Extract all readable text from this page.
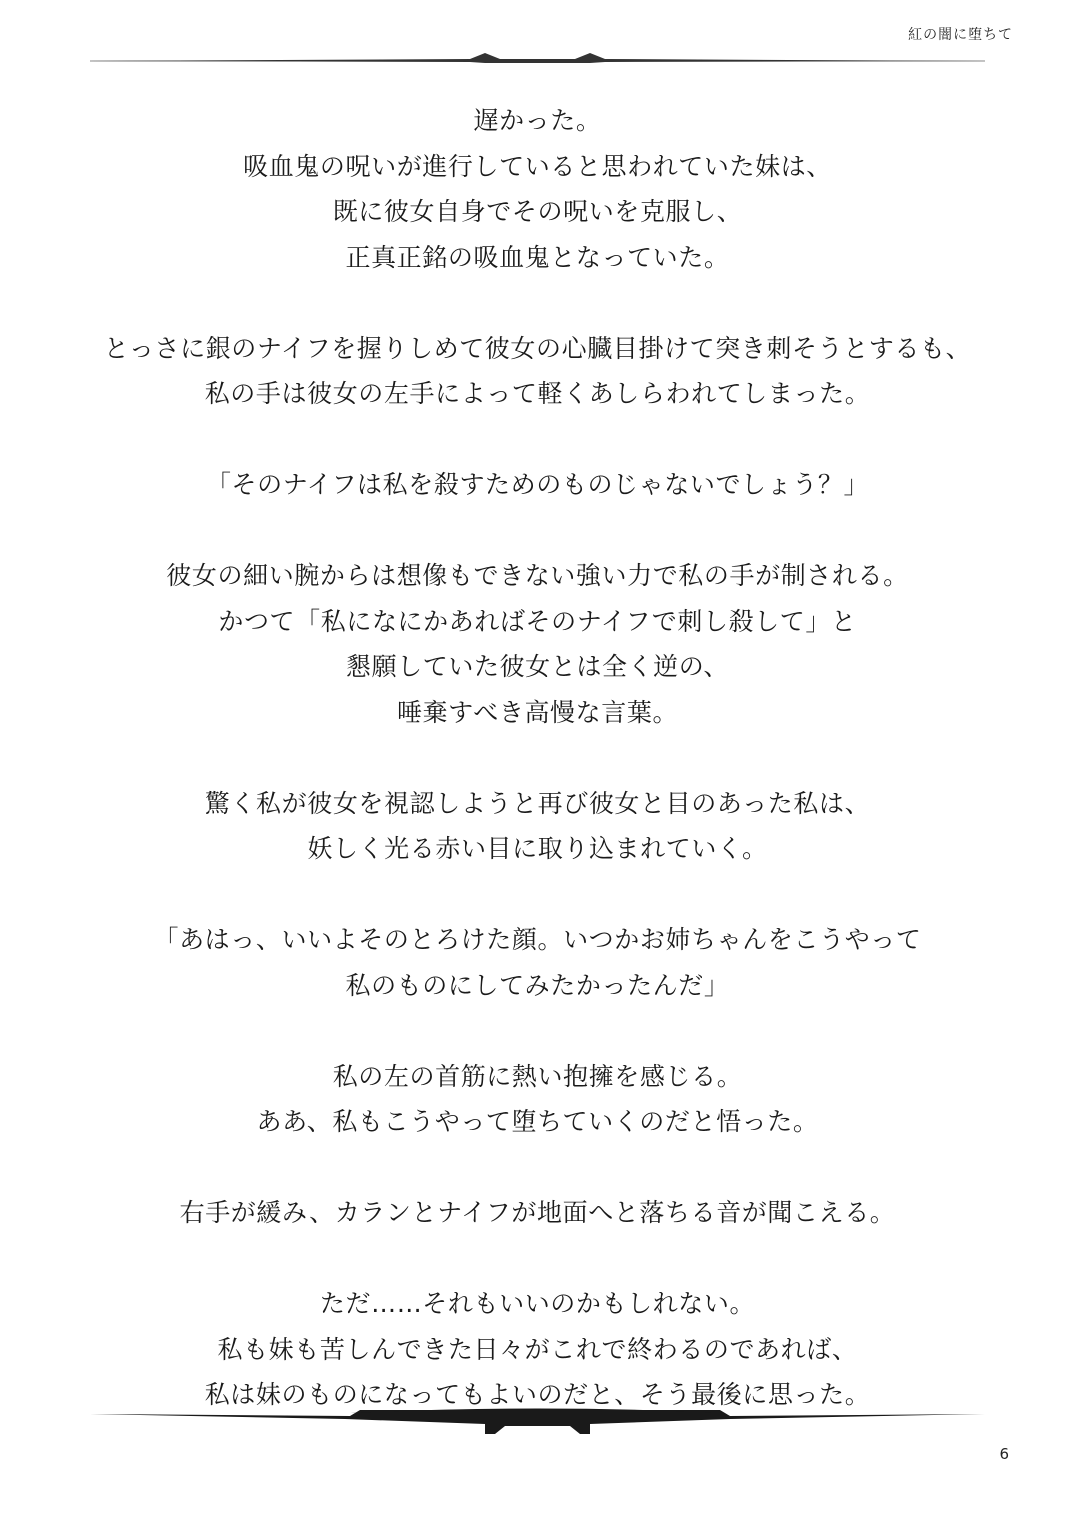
紅の闇に堕ちて
遅かった。
吸血鬼の呪いが進行していると思われていた妹は、
既に彼女自身でその呪いを克服し、
正真正銘の吸血鬼となっていた。
とっさに銀のナイフを握りしめて彼女の心臓目掛けて突き刺そうとするも、
私の手は彼女の左手によって軽くあしらわれてしまった。
「そのナイフは私を殺すためのものじゃないでしょう？」
彼女の細い腕からは想像もできない強い力で私の手が制される。
かつて「私になにかあればそのナイフで刺し殺して」と
懇願していた彼女とは全く逆の、
唾棄すべき高慢な言葉。
驚く私が彼女を視認しようと再び彼女と目のあった私は、
妖しく光る赤い目に取り込まれていく。
「あはっ、いいよそのとろけた顔。いつかお姉ちゃんをこうやって
私のものにしてみたかったんだ」
私の左の首筋に熱い抱擁を感じる。
ああ、私もこうやって堕ちていくのだと悟った。
右手が緩み、カランとナイフが地面へと落ちる音が聞こえる。
ただ……それもいいのかもしれない。
私も妹も苦しんできた日々がこれで終わるのであれば、
私は妹のものになってもよいのだと、そう最後に思った。
6
